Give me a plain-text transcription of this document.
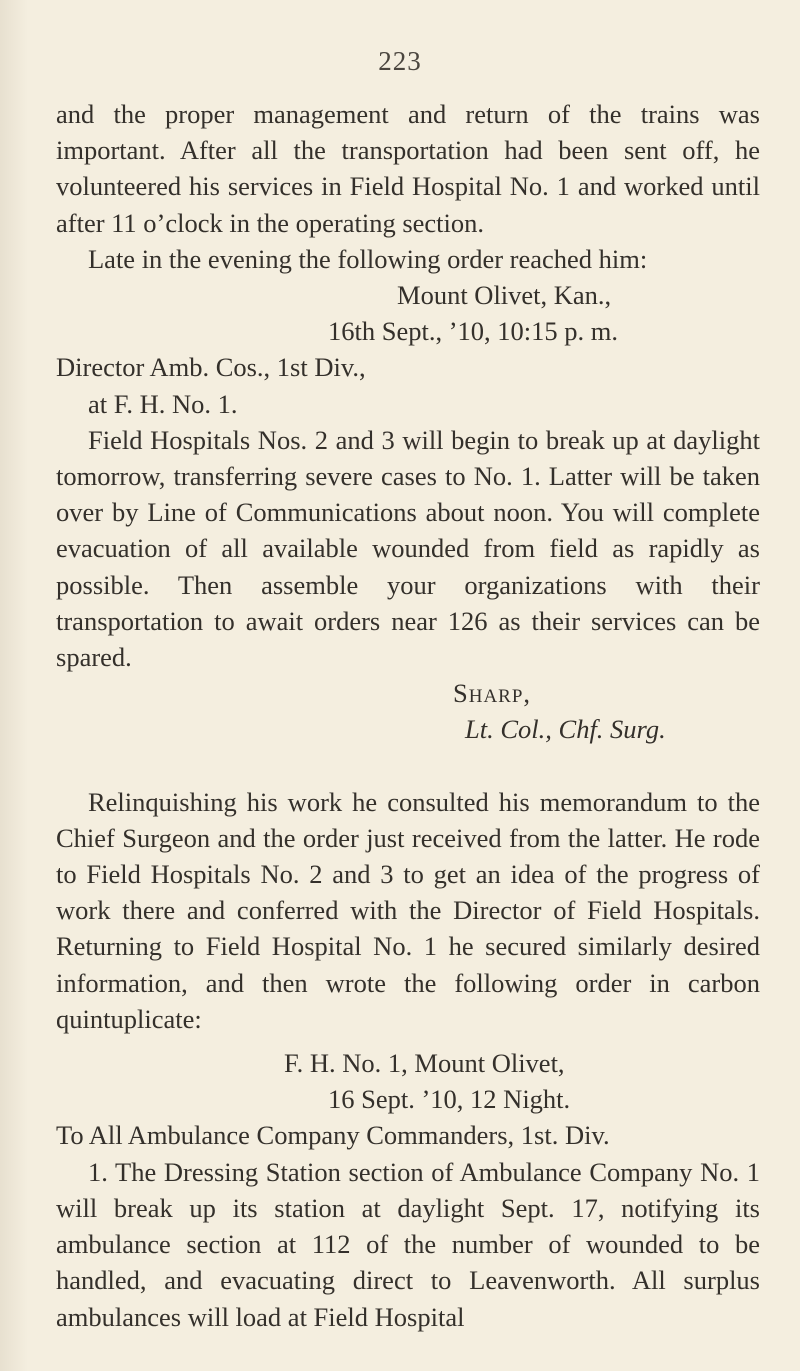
223

and the proper management and return of the trains was important. After all the transportation had been sent off, he volunteered his services in Field Hospital No. 1 and worked until after 11 o’clock in the operating section.

Late in the evening the following order reached him:

Mount Olivet, Kan.,

16th Sept., ’10, 10:15 p. m.

Director Amb. Cos., 1st Div.,

at F. H. No. 1.

Field Hospitals Nos. 2 and 3 will begin to break up at daylight tomorrow, transferring severe cases to No. 1. Latter will be taken over by Line of Communications about noon. You will complete evacuation of all available wounded from field as rapidly as possible. Then assemble your organizations with their transportation to await orders near 126 as their services can be spared.

Sharp,

Lt. Col., Chf. Surg.

Relinquishing his work he consulted his memorandum to the Chief Surgeon and the order just received from the latter. He rode to Field Hospitals No. 2 and 3 to get an idea of the progress of work there and conferred with the Director of Field Hospitals. Returning to Field Hospital No. 1 he secured similarly desired information, and then wrote the following order in carbon quintuplicate:

F. H. No. 1, Mount Olivet,

16 Sept. ’10, 12 Night.

To All Ambulance Company Commanders, 1st. Div.

1. The Dressing Station section of Ambulance Company No. 1 will break up its station at daylight Sept. 17, notifying its ambulance section at 112 of the number of wounded to be handled, and evacuating direct to Leavenworth. All surplus ambulances will load at Field Hospital
